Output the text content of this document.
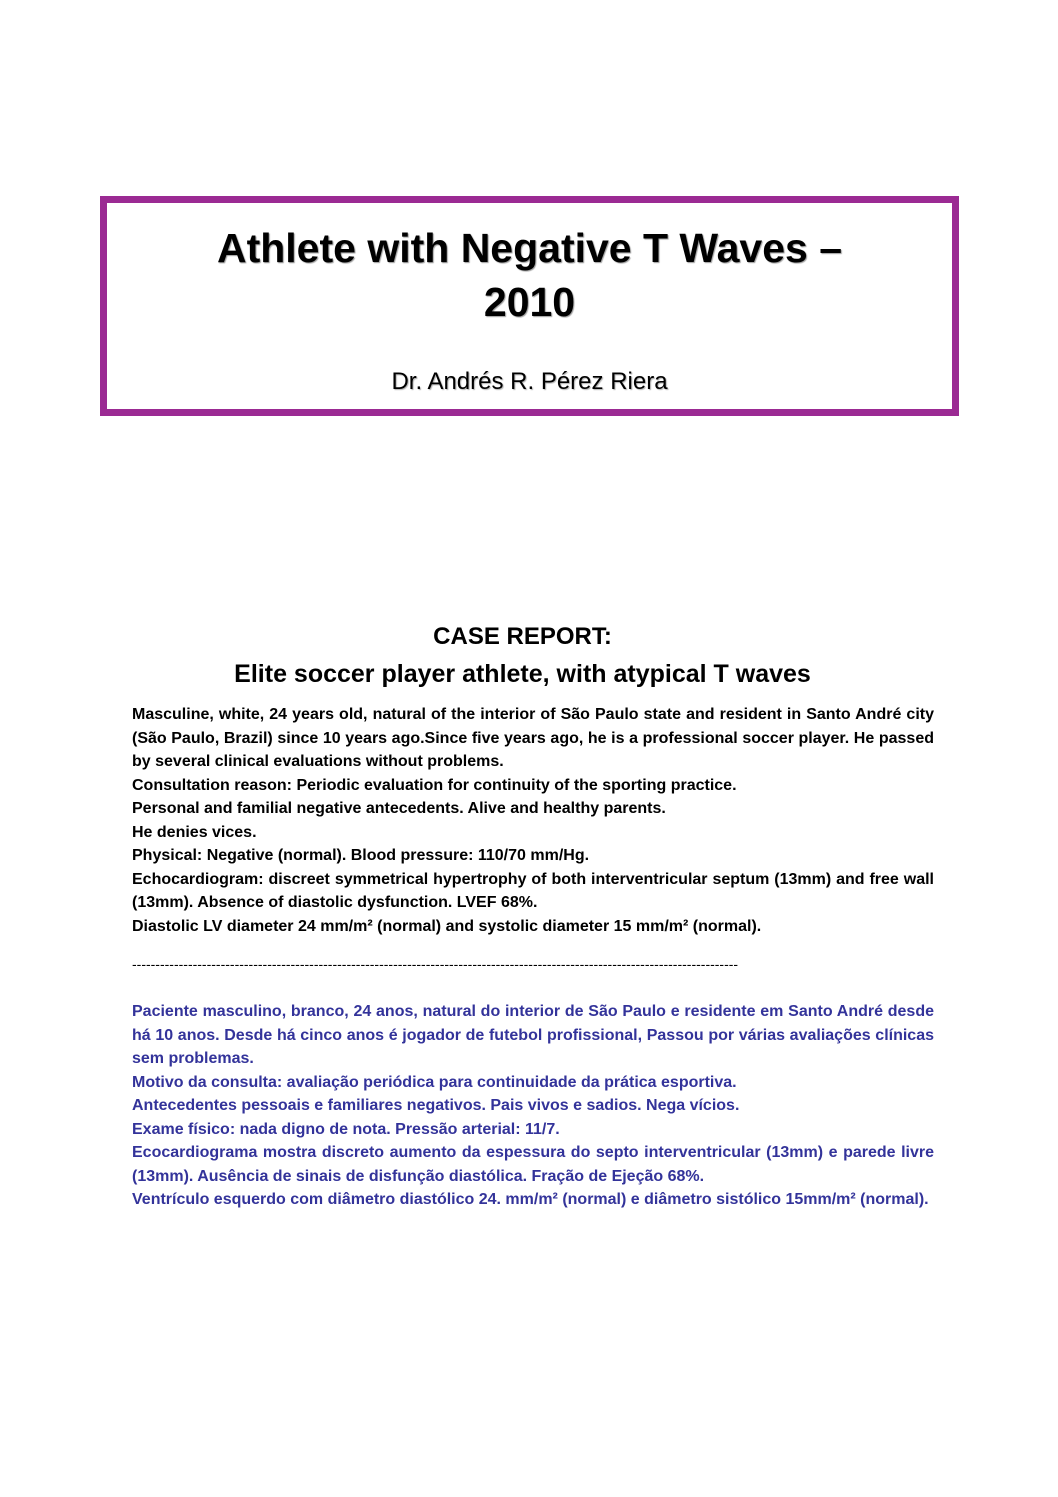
Athlete with Negative T Waves –
2010

Dr. Andrés R. Pérez Riera

CASE REPORT:
Elite soccer player athlete, with atypical T waves

Masculine, white, 24 years old, natural of the interior of São Paulo state and resident in Santo André city (São Paulo, Brazil) since 10 years ago.Since five years ago, he is a professional soccer player. He passed by several clinical evaluations without problems.

Consultation reason: Periodic evaluation for continuity of the sporting practice.

Personal and familial negative antecedents. Alive and healthy parents.

He denies vices.

Physical: Negative (normal). Blood pressure: 110/70 mm/Hg.

Echocardiogram: discreet symmetrical hypertrophy of both interventricular septum (13mm) and free wall (13mm). Absence of diastolic dysfunction. LVEF 68%.

Diastolic LV diameter 24 mm/m² (normal) and systolic diameter 15 mm/m² (normal).

----------------------------------------------------------------------------------------------------------------------------------

Paciente masculino, branco, 24 anos, natural do interior de São Paulo e residente em Santo André desde há 10 anos. Desde há cinco anos é jogador de futebol profissional, Passou por várias avaliações clínicas sem problemas.

Motivo da consulta: avaliação periódica para continuidade da prática esportiva.

Antecedentes pessoais e familiares negativos. Pais vivos e sadios. Nega vícios.

Exame físico: nada digno de nota. Pressão arterial: 11/7.

Ecocardiograma mostra discreto aumento da espessura do septo interventricular (13mm) e parede livre (13mm). Ausência de sinais de disfunção diastólica. Fração de Ejeção 68%.

Ventrículo esquerdo com diâmetro diastólico 24. mm/m² (normal) e diâmetro sistólico 15mm/m² (normal).
